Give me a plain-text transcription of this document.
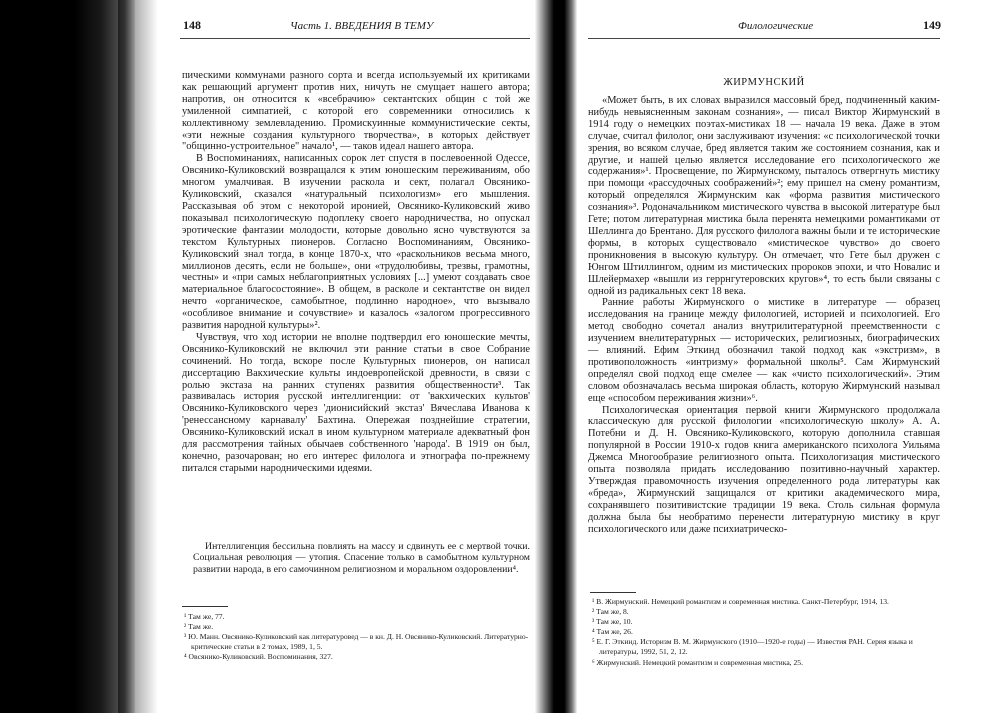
148	Часть 1. ВВЕДЕНИЯ В ТЕМУ

пическими коммунами разного сорта и всегда используемый их критиками как решающий аргумент против них, ничуть не смущает нашего автора; напротив, он относится к «всебрачию» сектантских общин с той же умиленной симпатией, с которой его современники относились к коллективному землевладению. Промискуинные коммунистические секты, «эти нежные создания культурного творчества», в которых действует "общинно-устроительное" начало¹, — таков идеал нашего автора.

В Воспоминаниях, написанных сорок лет спустя в послевоенной Одессе, Овсянико-Куликовский возвращался к этим юношеским переживаниям, обо многом умалчивая. В изучении раскола и сект, полагал Овсянико-Куликовский, сказался «натуральный психологизм» его мышления. Рассказывая об этом с некоторой иронией, Овсянико-Куликовский живо показывал психологическую подоплеку своего народничества, но опускал эротические фантазии молодости, которые довольно ясно чувствуются за текстом Культурных пионеров. Согласно Воспоминаниям, Овсянико-Куликовский знал тогда, в конце 1870-х, что «раскольников весьма много, миллионов десять, если не больше», они «трудолюбивы, трезвы, грамотны, честны» и «при самых неблагоприятных условиях [...] умеют создавать свое материальное благосостояние». В общем, в расколе и сектантстве он видел нечто «органическое, самобытное, подлинно народное», что вызывало «особливое внимание и сочувствие» и казалось «залогом прогрессивного развития народной культуры»².

Чувствуя, что ход истории не вполне подтвердил его юношеские мечты, Овсянико-Куликовский не включил эти ранние статьи в свое Собрание сочинений. Но тогда, вскоре после Культурных пионеров, он написал диссертацию Вакхические культы индоевропейской древности, в связи с ролью экстаза на ранних ступенях развития общественности³. Так развивалась история русской интеллигенции: от 'вакхических культов' Овсянико-Куликовского через 'дионисийский экстаз' Вячеслава Иванова к 'ренессансному карнавалу' Бахтина. Опережая позднейшие стратегии, Овсянико-Куликовский искал в ином культурном материале адекватный фон для рассмотрения тайных обычаев собственного 'народа'. В 1919 он был, конечно, разочарован; но его интерес филолога и этнографа по-прежнему питался старыми народническими идеями.

Интеллигенция бессильна повлиять на массу и сдвинуть ее с мертвой точки. Социальная революция — утопия. Спасение только в самобытном культурном развитии народа, в его самочинном религиозном и моральном оздоровлении⁴.

¹ Там же, 77.
² Там же.
³ Ю. Манн. Овсянико-Куликовский как литературовед — в кн. Д. Н. Овсянико-Куликовский. Литературно-критические статьи в 2 томах, 1989, 1, 5.
⁴ Овсянико-Куликовский. Воспоминания, 327.
Филологические	149
ЖИРМУНСКИЙ

«Может быть, в их словах выразился массовый бред, подчиненный каким-нибудь невыясненным законам сознания», — писал Виктор Жирмунский в 1914 году о немецких поэтах-мистиках 18 — начала 19 века. Даже в этом случае, считал филолог, они заслуживают изучения: «с психологической точки зрения, во всяком случае, бред является таким же состоянием сознания, как и другие, и нашей целью является исследование его психологического же содержания»¹. Просвещение, по Жирмунскому, пыталось отвергнуть мистику при помощи «рассудочных соображений»²; ему пришел на смену романтизм, который определялся Жирмунским как «форма развития мистического сознания»³. Родоначальником мистического чувства в высокой литературе был Гете; потом литературная мистика была перенята немецкими романтиками от Шеллинга до Брентано. Для русского филолога важны были и те исторические формы, в которых существовало «мистическое чувство» до своего проникновения в высокую культуру. Он отмечает, что Гете был дружен с Юнгом Штиллингом, одним из мистических пророков эпохи, и что Новалис и Шлейермахер «вышли из геррнгутеровских кругов»⁴, то есть были связаны с одной из радикальных сект 18 века.

Ранние работы Жирмунского о мистике в литературе — образец исследования на границе между филологией, историей и психологией. Его метод свободно сочетал анализ внутрилитературной преемственности с изучением внелитературных — исторических, религиозных, биографических — влияний. Ефим Эткинд обозначил такой подход как «экстризм», в противоположность «интризму» формальной школы⁵. Сам Жирмунский определял свой подход еще смелее — как «чисто психологический». Этим словом обозначалась весьма широкая область, которую Жирмунский называл еще «способом переживания жизни»⁶.

Психологическая ориентация первой книги Жирмунского продолжала классическую для русской филологии «психологическую школу» А. А. Потебни и Д. Н. Овсянико-Куликовского, которую дополнила ставшая популярной в России 1910-х годов книга американского психолога Уильяма Джемса Многообразие религиозного опыта. Психологизация мистического опыта позволяла придать исследованию позитивно-научный характер. Утверждая правомочность изучения определенного рода литературы как «бреда», Жирмунский защищался от критики академического мира, сохранявшего позитивистские традиции 19 века. Столь сильная формула должна была бы необратимо перенести литературную мистику в круг психологического или даже психиатрическо-

¹ В. Жирмунский. Немецкий романтизм и современная мистика. Санкт-Петербург, 1914, 13.
² Там же, 8.
³ Там же, 10.
⁴ Там же, 26.
⁵ Е. Г. Эткинд. Историзм В. М. Жирмунского (1910—1920-е годы) — Известия РАН. Серия языка и литературы, 1992, 51, 2, 12.
⁶ Жирмунский. Немецкий романтизм и современная мистика, 25.
